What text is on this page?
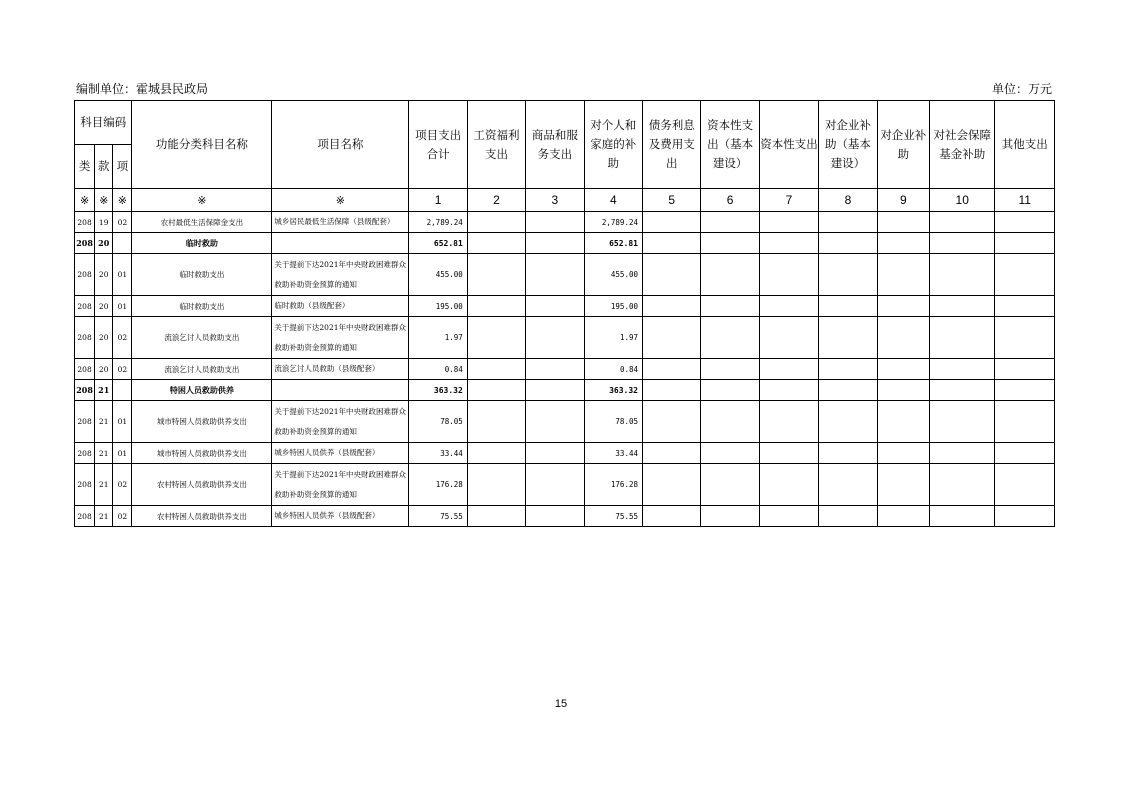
编制单位：霍城县民政局	单位：万元
科目编码			功能分类科目名称	项目名称	项目支出合计	工资福利支出	商品和服务支出	对个人和家庭的补助	债务利息及费用支出	资本性支出（基本建设）	资本性支出	对企业补助（基本建设）	对企业补助	对社会保障基金补助	其他支出
类	款	项													
※	※	※	※	※	1	2	3	4	5	6	7	8	9	10	11
208	19	02	农村最低生活保障金支出	城乡居民最低生活保障（县级配套）	2,789.24			2,789.24							
208	20		临时救助		652.81			652.81							
208	20	01	临时救助支出	关于提前下达2021年中央财政困难群众救助补助资金预算的通知	455.00			455.00							
208	20	01	临时救助支出	临时救助（县级配套）	195.00			195.00							
208	20	02	流浪乞讨人员救助支出	关于提前下达2021年中央财政困难群众救助补助资金预算的通知	1.97			1.97							
208	20	02	流浪乞讨人员救助支出	流浪乞讨人员救助（县级配套）	0.84			0.84							
208	21		特困人员救助供养		363.32			363.32							
208	21	01	城市特困人员救助供养支出	关于提前下达2021年中央财政困难群众救助补助资金预算的通知	78.05			78.05							
208	21	01	城市特困人员救助供养支出	城乡特困人员供养（县级配套）	33.44			33.44							
208	21	02	农村特困人员救助供养支出	关于提前下达2021年中央财政困难群众救助补助资金预算的通知	176.28			176.28							
208	21	02	农村特困人员救助供养支出	城乡特困人员供养（县级配套）	75.55			75.55							
15
